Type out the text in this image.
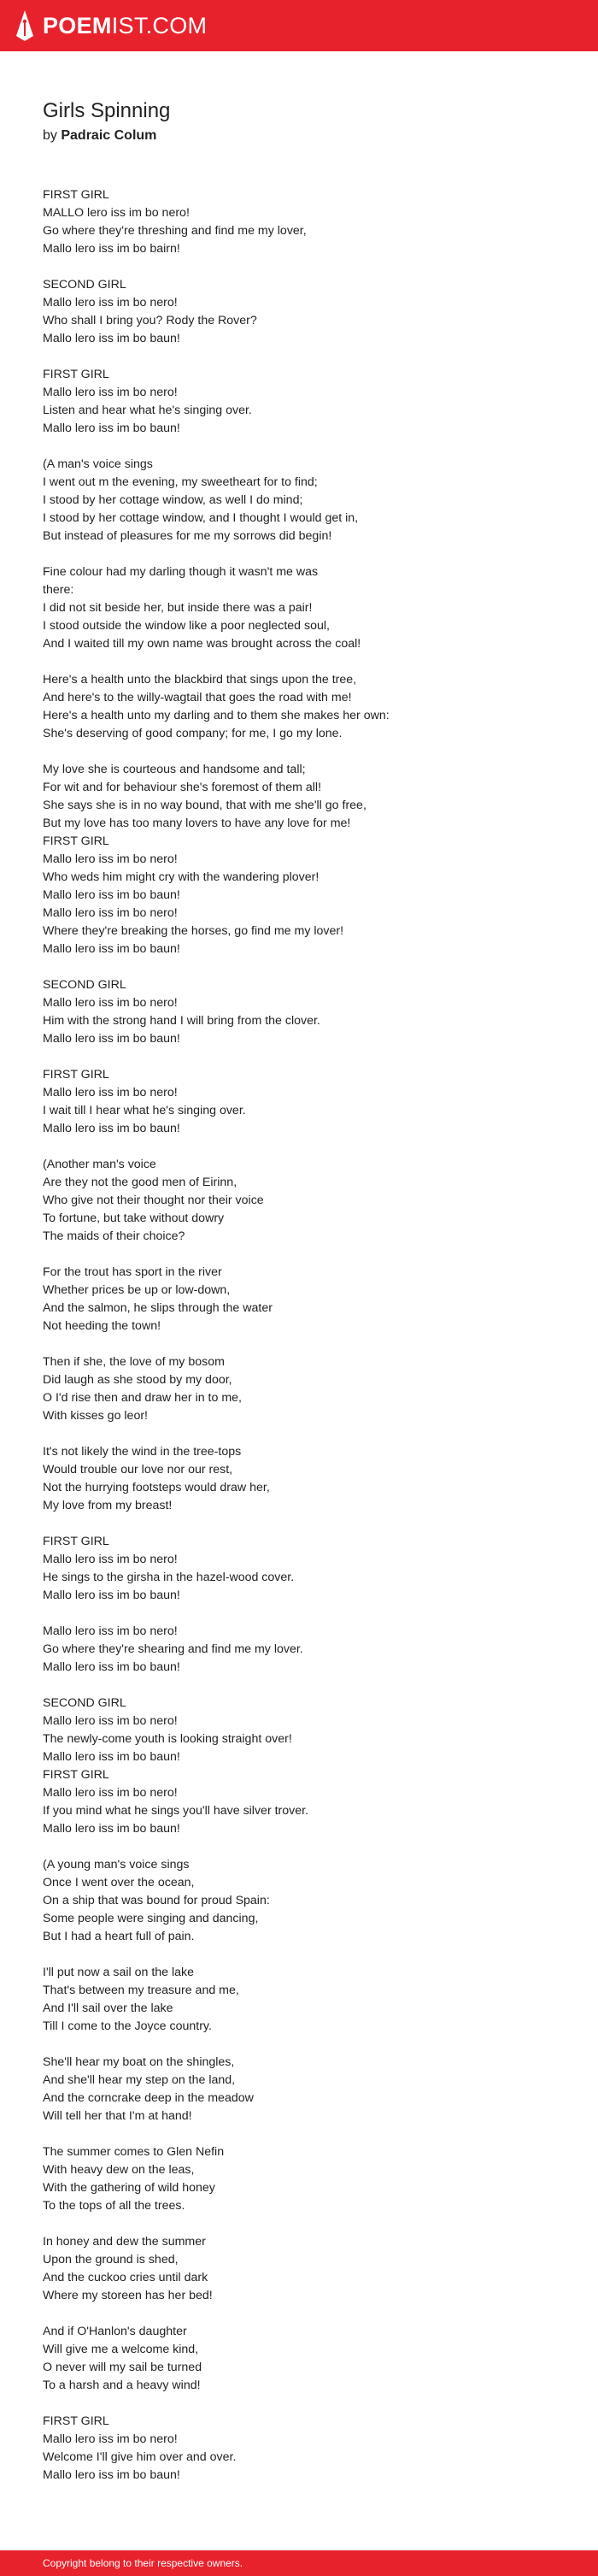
POEMIST.COM
Girls Spinning
by Padraic Colum
FIRST GIRL
MALLO lero iss im bo nero!
Go where they're threshing and find me my lover,
Mallo lero iss im bo bairn!
SECOND GIRL
Mallo lero iss im bo nero!
Who shall I bring you? Rody the Rover?
Mallo lero iss im bo baun!
FIRST GIRL
Mallo lero iss im bo nero!
Listen and hear what he's singing over.
Mallo lero iss im bo baun!
(A man's voice sings
I went out m the evening, my sweetheart for to find;
I stood by her cottage window, as well I do mind;
I stood by her cottage window, and I thought I would get in,
But instead of pleasures for me my sorrows did begin!
Fine colour had my darling though it wasn't me was
there:
I did not sit beside her, but inside there was a pair!
I stood outside the window like a poor neglected soul,
And I waited till my own name was brought across the coal!
Here's a health unto the blackbird that sings upon the tree,
And here's to the willy-wagtail that goes the road with me!
Here's a health unto my darling and to them she makes her own:
She's deserving of good company; for me, I go my lone.
My love she is courteous and handsome and tall;
For wit and for behaviour she's foremost of them all!
She says she is in no way bound, that with me she'll go free,
But my love has too many lovers to have any love for me!
FIRST GIRL
Mallo lero iss im bo nero!
Who weds him might cry with the wandering plover!
Mallo lero iss im bo baun!
Mallo lero iss im bo nero!
Where they're breaking the horses, go find me my lover!
Mallo lero iss im bo baun!
SECOND GIRL
Mallo lero iss im bo nero!
Him with the strong hand I will bring from the clover.
Mallo lero iss im bo baun!
FIRST GIRL
Mallo lero iss im bo nero!
I wait till I hear what he's singing over.
Mallo lero iss im bo baun!
(Another man's voice
Are they not the good men of Eirinn,
Who give not their thought nor their voice
To fortune, but take without dowry
The maids of their choice?
For the trout has sport in the river
Whether prices be up or low-down,
And the salmon, he slips through the water
Not heeding the town!
Then if she, the love of my bosom
Did laugh as she stood by my door,
O I'd rise then and draw her in to me,
With kisses go leor!
It's not likely the wind in the tree-tops
Would trouble our love nor our rest,
Not the hurrying footsteps would draw her,
My love from my breast!
FIRST GIRL
Mallo lero iss im bo nero!
He sings to the girsha in the hazel-wood cover.
Mallo lero iss im bo baun!
Mallo lero iss im bo nero!
Go where they're shearing and find me my lover.
Mallo lero iss im bo baun!
SECOND GIRL
Mallo lero iss im bo nero!
The newly-come youth is looking straight over!
Mallo lero iss im bo baun!
FIRST GIRL
Mallo lero iss im bo nero!
If you mind what he sings you'll have silver trover.
Mallo lero iss im bo baun!
(A young man's voice sings
Once I went over the ocean,
On a ship that was bound for proud Spain:
Some people were singing and dancing,
But I had a heart full of pain.
I'll put now a sail on the lake
That's between my treasure and me,
And I'll sail over the lake
Till I come to the Joyce country.
She'll hear my boat on the shingles,
And she'll hear my step on the land,
And the corncrake deep in the meadow
Will tell her that I'm at hand!
The summer comes to Glen Nefin
With heavy dew on the leas,
With the gathering of wild honey
To the tops of all the trees.
In honey and dew the summer
Upon the ground is shed,
And the cuckoo cries until dark
Where my storeen has her bed!
And if O'Hanlon's daughter
Will give me a welcome kind,
O never will my sail be turned
To a harsh and a heavy wind!
FIRST GIRL
Mallo lero iss im bo nero!
Welcome I'll give him over and over.
Mallo lero iss im bo baun!
Copyright belong to their respective owners.
